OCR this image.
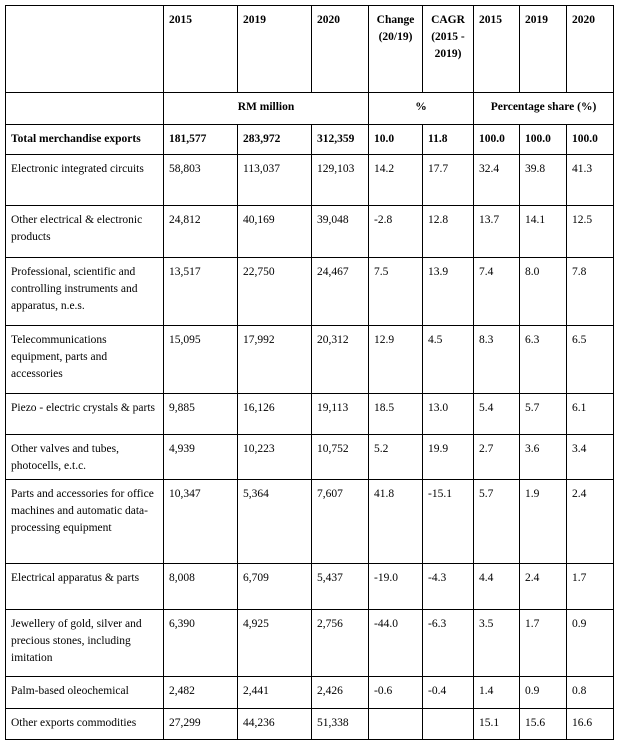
	2015	2019	2020	Change (20/19)	CAGR (2015 - 2019)	2015	2019	2020
	RM million			%		Percentage share (%)		
Total merchandise exports	181,577	283,972	312,359	10.0	11.8	100.0	100.0	100.0
Electronic integrated circuits	58,803	113,037	129,103	14.2	17.7	32.4	39.8	41.3
Other electrical & electronic products	24,812	40,169	39,048	-2.8	12.8	13.7	14.1	12.5
Professional, scientific and controlling instruments and apparatus, n.e.s.	13,517	22,750	24,467	7.5	13.9	7.4	8.0	7.8
Telecommunications equipment, parts and accessories	15,095	17,992	20,312	12.9	4.5	8.3	6.3	6.5
Piezo - electric crystals & parts	9,885	16,126	19,113	18.5	13.0	5.4	5.7	6.1
Other valves and tubes, photocells, e.t.c.	4,939	10,223	10,752	5.2	19.9	2.7	3.6	3.4
Parts and accessories for office machines and automatic data-processing equipment	10,347	5,364	7,607	41.8	-15.1	5.7	1.9	2.4
Electrical apparatus & parts	8,008	6,709	5,437	-19.0	-4.3	4.4	2.4	1.7
Jewellery of gold, silver and precious stones, including imitation	6,390	4,925	2,756	-44.0	-6.3	3.5	1.7	0.9
Palm-based oleochemical	2,482	2,441	2,426	-0.6	-0.4	1.4	0.9	0.8
Other exports commodities	27,299	44,236	51,338			15.1	15.6	16.6
